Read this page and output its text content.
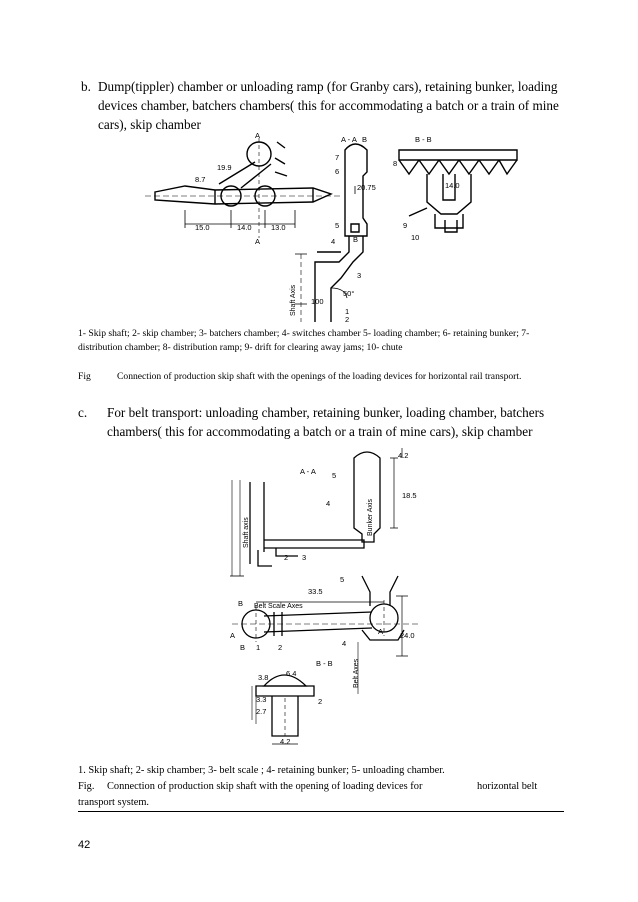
b. Dump(tippler) chamber or unloading ramp (for Granby cars), retaining bunker, loading
devices chamber, batchers chambers( this for accommodating a batch or a train of mine
cars), skip chamber
A - A	B - B
19.9
8.7
15.0	14.0	13.0
20.75	14.0
50°
100
Shaft Axis
A
A
B
B
1
2
3
4
5
6
7
8
9
10
1- Skip shaft; 2- skip chamber; 3- batchers chamber; 4- switches chamber 5- loading chamber; 6- retaining bunker; 7-
distribution chamber; 8- distribution ramp; 9- drift for clearing away jams; 10- chute
Fig	Connection of production skip shaft with the openings of the loading devices for horizontal rail transport.
c. For belt transport: unloading chamber, retaining bunker, loading chamber, batchers
chambers( this for accommodating a batch or a train of mine cars), skip chamber
A - A
B - B
4.2
18.5
33.5
24.0
3.8 6.4
3.3
2.7
4.2
Bunker Axis
Shaft axis
Belt Scale Axes
Belt Axes
A	A
B
B 1
2
2
2
3
4
4
5
5
1. Skip shaft; 2- skip chamber; 3- belt scale ; 4- retaining bunker; 5- unloading chamber.
Fig. Connection of production skip shaft with the opening of loading devices for	horizontal belt
transport system.
42
